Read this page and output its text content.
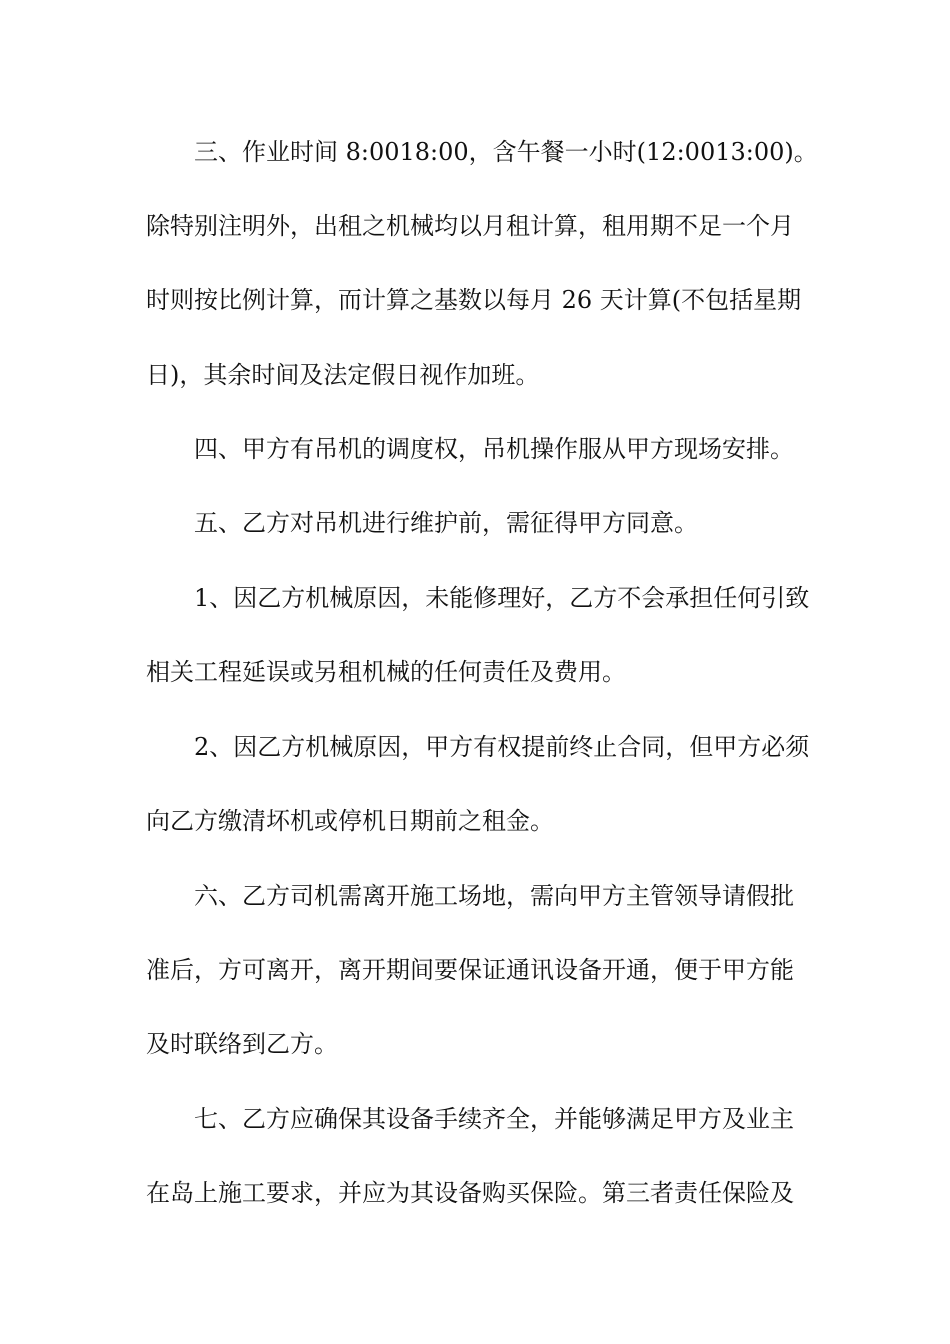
三、作业时间 8:0018:00，含午餐一小时(12:0013:00)。
除特别注明外，出租之机械均以月租计算，租用期不足一个月
时则按比例计算，而计算之基数以每月 26 天计算(不包括星期
日)，其余时间及法定假日视作加班。
四、甲方有吊机的调度权，吊机操作服从甲方现场安排。
五、乙方对吊机进行维护前，需征得甲方同意。
1、因乙方机械原因，未能修理好，乙方不会承担任何引致
相关工程延误或另租机械的任何责任及费用。
2、因乙方机械原因，甲方有权提前终止合同，但甲方必须
向乙方缴清坏机或停机日期前之租金。
六、乙方司机需离开施工场地，需向甲方主管领导请假批
准后，方可离开，离开期间要保证通讯设备开通，便于甲方能
及时联络到乙方。
七、乙方应确保其设备手续齐全，并能够满足甲方及业主
在岛上施工要求，并应为其设备购买保险。第三者责任保险及
